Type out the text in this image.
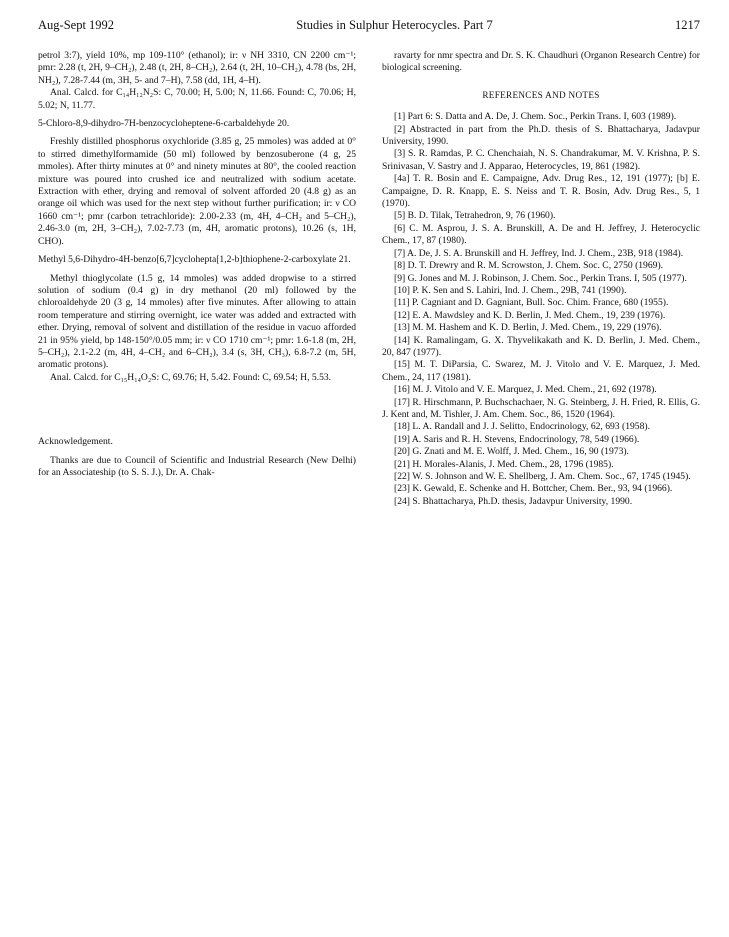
Aug-Sept 1992	Studies in Sulphur Heterocycles. Part 7	1217

petrol 3:7), yield 10%, mp 109-110° (ethanol); ir: ν NH 3310, CN 2200 cm⁻¹; pmr: 2.28 (t, 2H, 9–CH₂), 2.48 (t, 2H, 8–CH₂), 2.64 (t, 2H, 10–CH₂), 4.78 (bs, 2H, NH₂), 7.28-7.44 (m, 3H, 5- and 7–H), 7.58 (dd, 1H, 4–H).

Anal. Calcd. for C₁₄H₁₂N₂S: C, 70.00; H, 5.00; N, 11.66. Found: C, 70.06; H, 5.02; N, 11.77.

5-Chloro-8,9-dihydro-7H-benzocycloheptene-6-carbaldehyde 20.

Freshly distilled phosphorus oxychloride (3.85 g, 25 mmoles) was added at 0° to stirred dimethylformamide (50 ml) followed by benzosuberone (4 g, 25 mmoles). After thirty minutes at 0° and ninety minutes at 80°, the cooled reaction mixture was poured into crushed ice and neutralized with sodium acetate. Extraction with ether, drying and removal of solvent afforded 20 (4.8 g) as an orange oil which was used for the next step without further purification; ir: ν CO 1660 cm⁻¹; pmr (carbon tetrachloride): 2.00-2.33 (m, 4H, 4–CH₂ and 5–CH₂), 2.46-3.0 (m, 2H, 3–CH₂), 7.02-7.73 (m, 4H, aromatic protons), 10.26 (s, 1H, CHO).

Methyl 5,6-Dihydro-4H-benzo[6,7]cyclohepta[1,2-b]thiophene-2-carboxylate 21.

Methyl thioglycolate (1.5 g, 14 mmoles) was added dropwise to a stirred solution of sodium (0.4 g) in dry methanol (20 ml) followed by the chloroaldehyde 20 (3 g, 14 mmoles) after five minutes. After allowing to attain room temperature and stirring overnight, ice water was added and extracted with ether. Drying, removal of solvent and distillation of the residue in vacuo afforded 21 in 95% yield, bp 148-150°/0.05 mm; ir: ν CO 1710 cm⁻¹; pmr: 1.6-1.8 (m, 2H, 5–CH₂), 2.1-2.2 (m, 4H, 4–CH₂ and 6–CH₂), 3.4 (s, 3H, CH₃), 6.8-7.2 (m, 5H, aromatic protons).

Anal. Calcd. for C₁₅H₁₄O₂S: C, 69.76; H, 5.42. Found: C, 69.54; H, 5.53.

Acknowledgement.

Thanks are due to Council of Scientific and Industrial Research (New Delhi) for an Associateship (to S. S. J.), Dr. A. Chak-

ravarty for nmr spectra and Dr. S. K. Chaudhuri (Organon Research Centre) for biological screening.

REFERENCES AND NOTES

[1] Part 6: S. Datta and A. De, J. Chem. Soc., Perkin Trans. I, 603 (1989).

[2] Abstracted in part from the Ph.D. thesis of S. Bhattacharya, Jadavpur University, 1990.

[3] S. R. Ramdas, P. C. Chenchaiah, N. S. Chandrakumar, M. V. Krishna, P. S. Srinivasan, V. Sastry and J. Apparao, Heterocycles, 19, 861 (1982).

[4a] T. R. Bosin and E. Campaigne, Adv. Drug Res., 12, 191 (1977); [b] E. Campaigne, D. R. Knapp, E. S. Neiss and T. R. Bosin, Adv. Drug Res., 5, 1 (1970).

[5] B. D. Tilak, Tetrahedron, 9, 76 (1960).

[6] C. M. Asprou, J. S. A. Brunskill, A. De and H. Jeffrey, J. Heterocyclic Chem., 17, 87 (1980).

[7] A. De, J. S. A. Brunskill and H. Jeffrey, Ind. J. Chem., 23B, 918 (1984).

[8] D. T. Drewry and R. M. Scrowston, J. Chem. Soc. C, 2750 (1969).

[9] G. Jones and M. J. Robinson, J. Chem. Soc., Perkin Trans. I, 505 (1977).

[10] P. K. Sen and S. Lahiri, Ind. J. Chem., 29B, 741 (1990).

[11] P. Cagniant and D. Gagniant, Bull. Soc. Chim. France, 680 (1955).

[12] E. A. Mawdsley and K. D. Berlin, J. Med. Chem., 19, 239 (1976).

[13] M. M. Hashem and K. D. Berlin, J. Med. Chem., 19, 229 (1976).

[14] K. Ramalingam, G. X. Thyvelikakath and K. D. Berlin, J. Med. Chem., 20, 847 (1977).

[15] M. T. DiParsia, C. Swarez, M. J. Vitolo and V. E. Marquez, J. Med. Chem., 24, 117 (1981).

[16] M. J. Vitolo and V. E. Marquez, J. Med. Chem., 21, 692 (1978).

[17] R. Hirschmann, P. Buchschachaer, N. G. Steinberg, J. H. Fried, R. Ellis, G. J. Kent and, M. Tishler, J. Am. Chem. Soc., 86, 1520 (1964).

[18] L. A. Randall and J. J. Selitto, Endocrinology, 62, 693 (1958).

[19] A. Saris and R. H. Stevens, Endocrinology, 78, 549 (1966).

[20] G. Znati and M. E. Wolff, J. Med. Chem., 16, 90 (1973).

[21] H. Morales-Alanis, J. Med. Chem., 28, 1796 (1985).

[22] W. S. Johnson and W. E. Shellberg, J. Am. Chem. Soc., 67, 1745 (1945).

[23] K. Gewald, E. Schenke and H. Bottcher, Chem. Ber., 93, 94 (1966).

[24] S. Bhattacharya, Ph.D. thesis, Jadavpur University, 1990.
